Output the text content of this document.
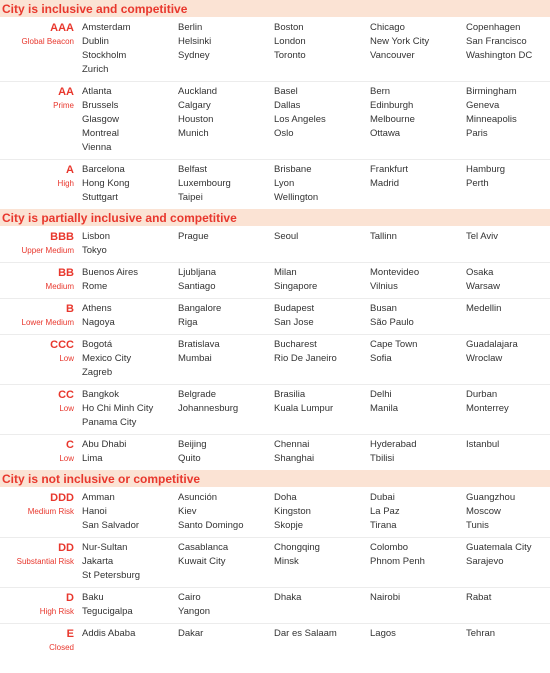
City is inclusive and competitive
AAA
Global Beacon
Amsterdam	Berlin	Boston	Chicago	Copenhagen
Dublin	Helsinki	London	New York City	San Francisco
Stockholm	Sydney	Toronto	Vancouver	Washington DC
Zurich
AA
Prime
Atlanta	Auckland	Basel	Bern	Birmingham
Brussels	Calgary	Dallas	Edinburgh	Geneva
Glasgow	Houston	Los Angeles	Melbourne	Minneapolis
Montreal	Munich	Oslo	Ottawa	Paris
Vienna
A
High
Barcelona	Belfast	Brisbane	Frankfurt	Hamburg
Hong Kong	Luxembourg	Lyon	Madrid	Perth
Stuttgart	Taipei	Wellington
City is partially inclusive and competitive
BBB
Upper Medium
Lisbon	Prague	Seoul	Tallinn	Tel Aviv
Tokyo
BB
Medium
Buenos Aires	Ljubljana	Milan	Montevideo	Osaka
Rome	Santiago	Singapore	Vilnius	Warsaw
B
Lower Medium
Athens	Bangalore	Budapest	Busan	Medellin
Nagoya	Riga	San Jose	São Paulo
CCC
Low
Bogotá	Bratislava	Bucharest	Cape Town	Guadalajara
Mexico City	Mumbai	Rio De Janeiro	Sofia	Wroclaw
Zagreb
CC
Low
Bangkok	Belgrade	Brasilia	Delhi	Durban
Ho Chi Minh City	Johannesburg	Kuala Lumpur	Manila	Monterrey
Panama City
C
Low
Abu Dhabi	Beijing	Chennai	Hyderabad	Istanbul
Lima	Quito	Shanghai	Tbilisi
City is not inclusive or competitive
DDD
Medium Risk
Amman	Asunción	Doha	Dubai	Guangzhou
Hanoi	Kiev	Kingston	La Paz	Moscow
San Salvador	Santo Domingo	Skopje	Tirana	Tunis
DD
Substantial Risk
Nur-Sultan	Casablanca	Chongqing	Colombo	Guatemala City
Jakarta	Kuwait City	Minsk	Phnom Penh	Sarajevo
St Petersburg
D
High Risk
Baku	Cairo	Dhaka	Nairobi	Rabat
Tegucigalpa	Yangon
E
Closed
Addis Ababa	Dakar	Dar es Salaam	Lagos	Tehran
